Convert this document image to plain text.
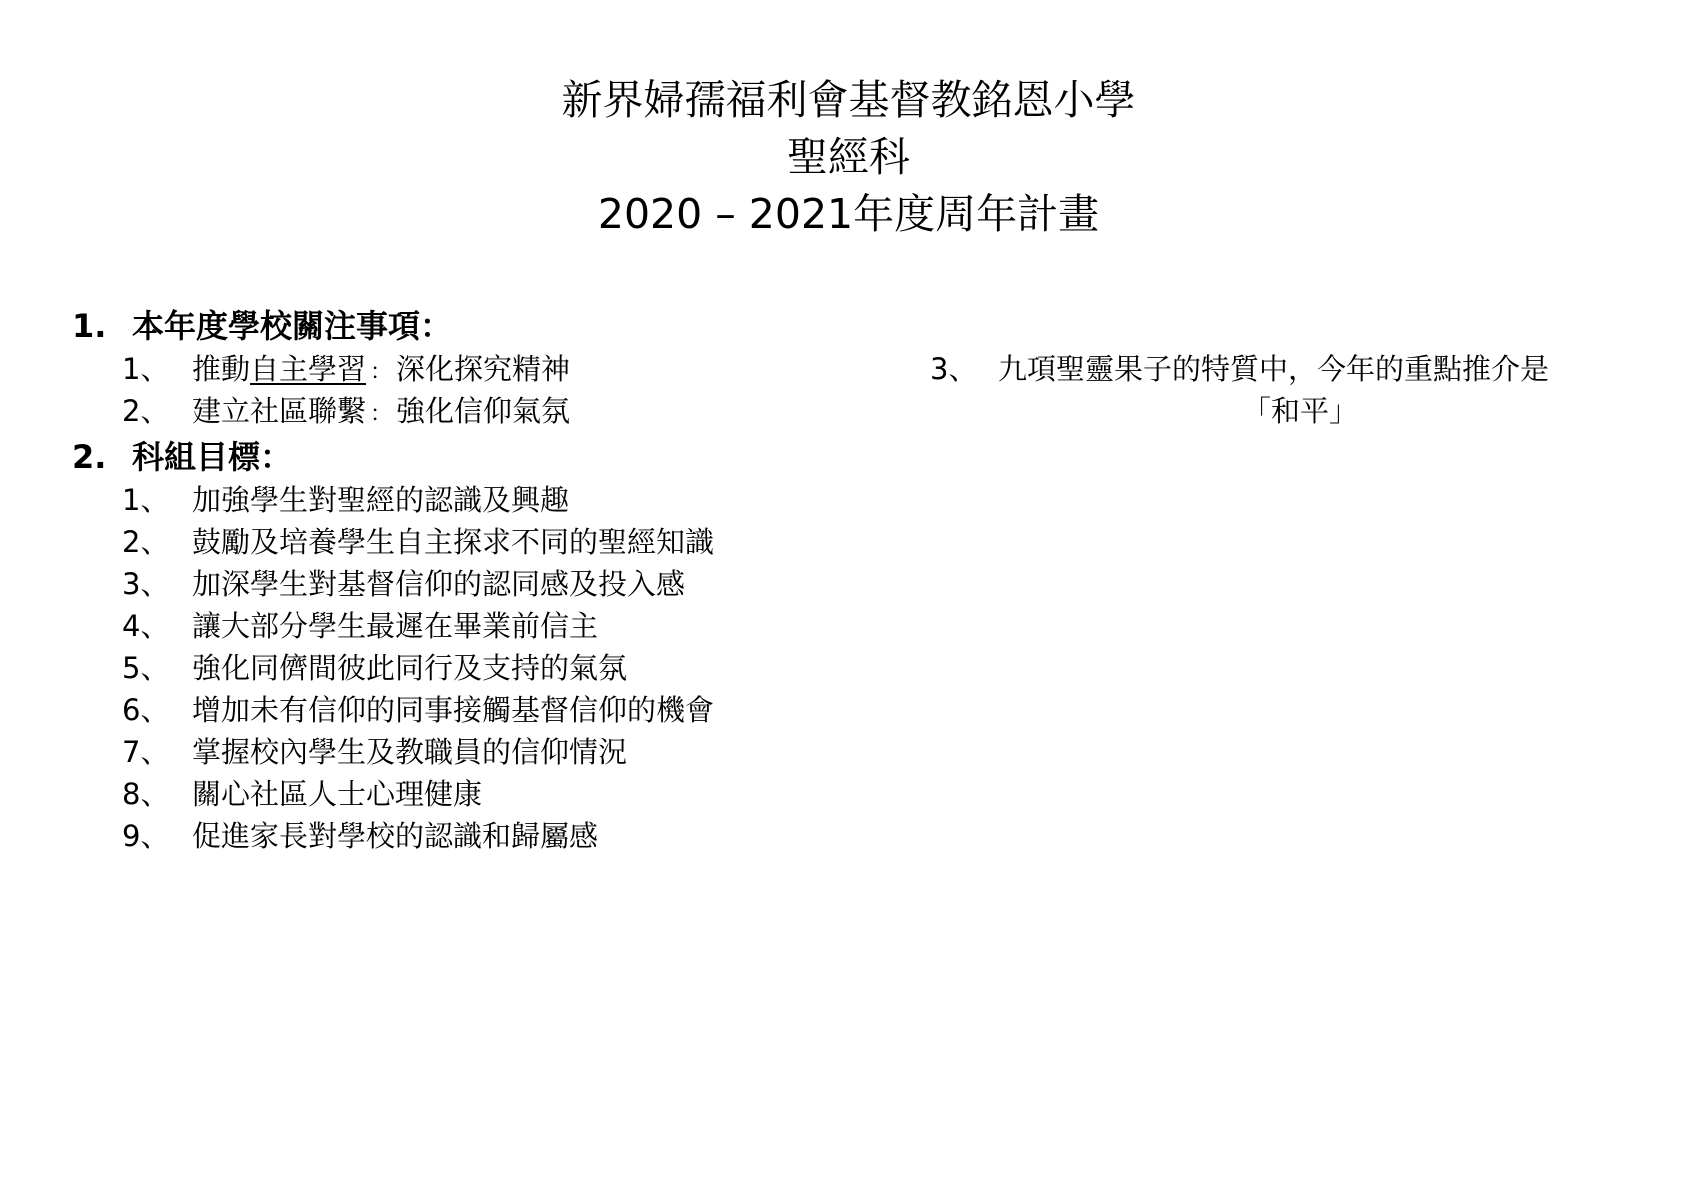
新界婦孺福利會基督教銘恩小學
聖經科
2020 – 2021年度周年計畫
1. 本年度學校關注事項：
1、 推動自主學習 ： 深化探究精神
2、 建立社區聯繫 ： 強化信仰氣氛
3、 九項聖靈果子的特質中，今年的重點推介是
「和平」
2. 科組目標：
1、 加強學生對聖經的認識及興趣
2、 鼓勵及培養學生自主探求不同的聖經知識
3、 加深學生對基督信仰的認同感及投入感
4、 讓大部分學生最遲在畢業前信主
5、 強化同儕間彼此同行及支持的氣氛
6、 增加未有信仰的同事接觸基督信仰的機會
7、 掌握校內學生及教職員的信仰情況
8、 關心社區人士心理健康
9、 促進家長對學校的認識和歸屬感
